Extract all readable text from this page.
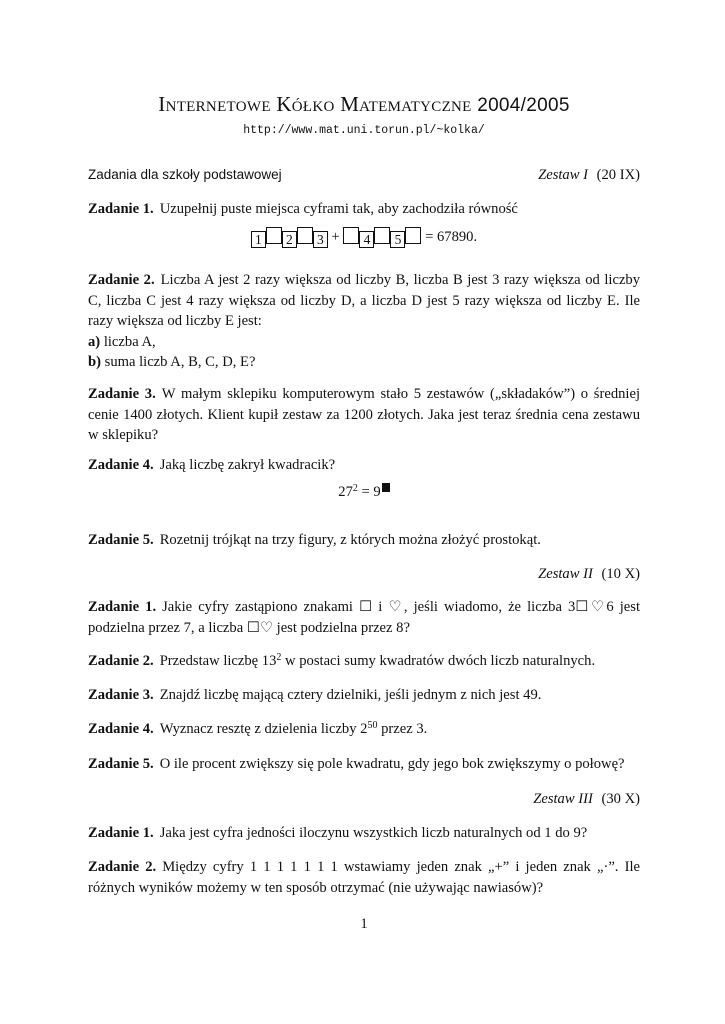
Internetowe Kółko Matematyczne 2004/2005
http://www.mat.uni.torun.pl/~kolka/
Zadania dla szkoły podstawowej	Zestaw I (20 IX)
Zadanie 1. Uzupełnij puste miejsca cyframi tak, aby zachodziła równość
1 2 3 + 4 5 = 67890.
Zadanie 2. Liczba A jest 2 razy większa od liczby B, liczba B jest 3 razy większa od liczby C, liczba C jest 4 razy większa od liczby D, a liczba D jest 5 razy większa od liczby E. Ile razy większa od liczby E jest:
a) liczba A,
b) suma liczb A, B, C, D, E?
Zadanie 3. W małym sklepiku komputerowym stało 5 zestawów („składaków”) o średniej cenie 1400 złotych. Klient kupił zestaw za 1200 złotych. Jaka jest teraz średnia cena zestawu w sklepiku?
Zadanie 4. Jaką liczbę zakrył kwadracik?
$27^2 = 9$
Zadanie 5. Rozetnij trójkąt na trzy figury, z których można złożyć prostokąt.
Zestaw II (10 X)
Zadanie 1. Jakie cyfry zastąpiono znakami ☐ i ♡, jeśli wiadomo, że liczba 3☐♡6 jest podzielna przez 7, a liczba ☐♡ jest podzielna przez 8?
Zadanie 2. Przedstaw liczbę $13^2$ w postaci sumy kwadratów dwóch liczb naturalnych.
Zadanie 3. Znajdź liczbę mającą cztery dzielniki, jeśli jednym z nich jest 49.
Zadanie 4. Wyznacz resztę z dzielenia liczby $2^{50}$ przez 3.
Zadanie 5. O ile procent zwiększy się pole kwadratu, gdy jego bok zwiększymy o połowę?
Zestaw III (30 X)
Zadanie 1. Jaka jest cyfra jedności iloczynu wszystkich liczb naturalnych od 1 do 9?
Zadanie 2. Między cyfry 1 1 1 1 1 1 1 wstawiamy jeden znak „+” i jeden znak „·”. Ile różnych wyników możemy w ten sposób otrzymać (nie używając nawiasów)?
1
